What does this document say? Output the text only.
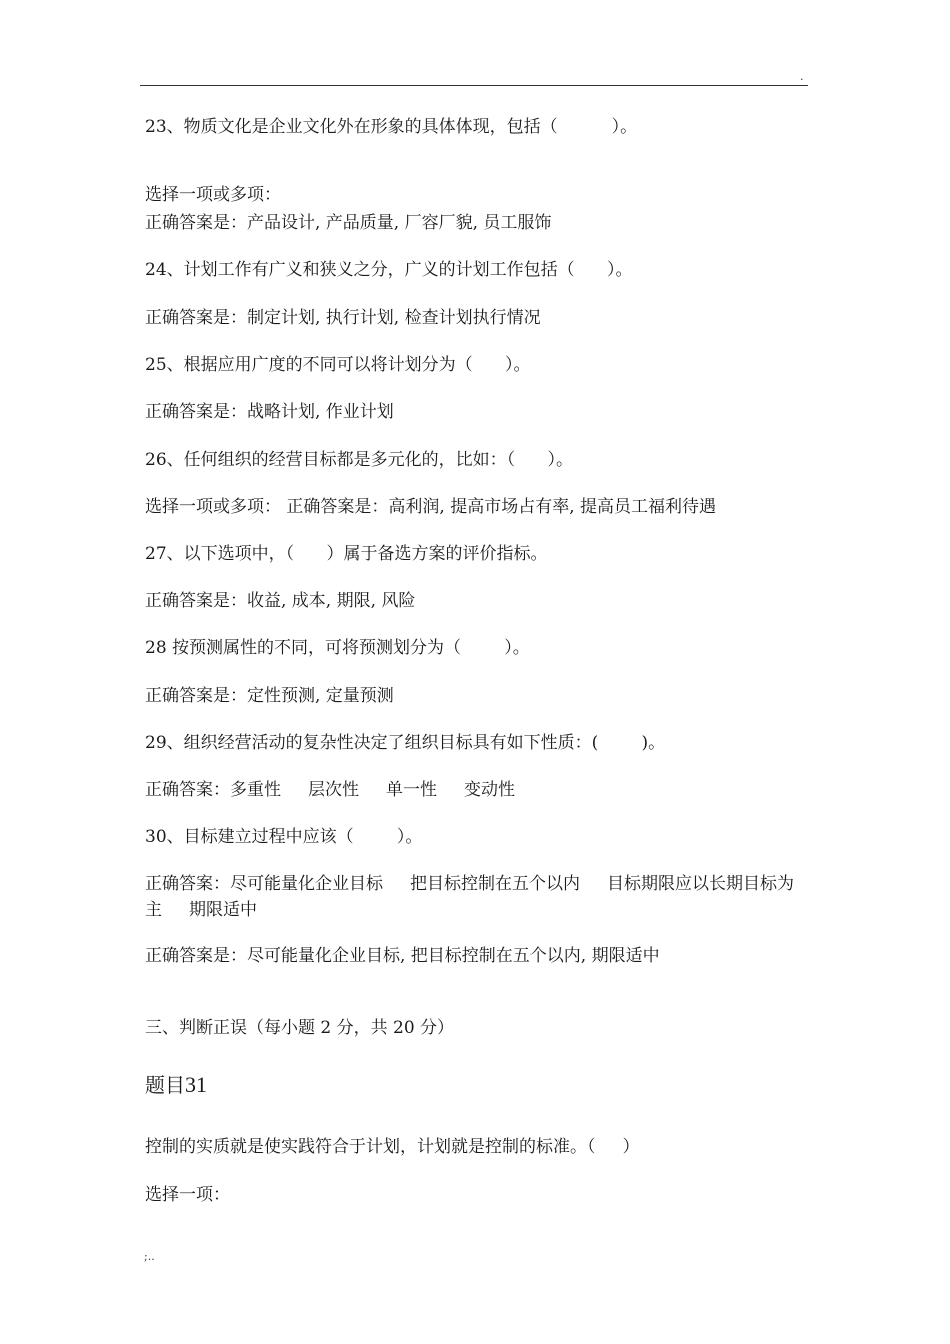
.
23、物质文化是企业文化外在形象的具体体现，包括（          ）。
选择一项或多项：
正确答案是：产品设计, 产品质量, 厂容厂貌, 员工服饰
24、计划工作有广义和狭义之分，广义的计划工作包括（      ）。
正确答案是：制定计划, 执行计划, 检查计划执行情况
25、根据应用广度的不同可以将计划分为（      ）。
正确答案是：战略计划, 作业计划
26、任何组织的经营目标都是多元化的，比如：（      ）。
选择一项或多项： 正确答案是：高利润, 提高市场占有率, 提高员工福利待遇
27、以下选项中，（      ）属于备选方案的评价指标。
正确答案是：收益, 成本, 期限, 风险
28 按预测属性的不同，可将预测划分为（        ）。
正确答案是：定性预测, 定量预测
29、组织经营活动的复杂性决定了组织目标具有如下性质：(        )。
正确答案：多重性     层次性     单一性     变动性
30、目标建立过程中应该（        ）。
正确答案：尽可能量化企业目标     把目标控制在五个以内     目标期限应以长期目标为主     期限适中
正确答案是：尽可能量化企业目标, 把目标控制在五个以内, 期限适中
三、判断正误（每小题 2 分，共 20 分）
题目31
控制的实质就是使实践符合于计划，计划就是控制的标准。（     ）
选择一项：
;..
